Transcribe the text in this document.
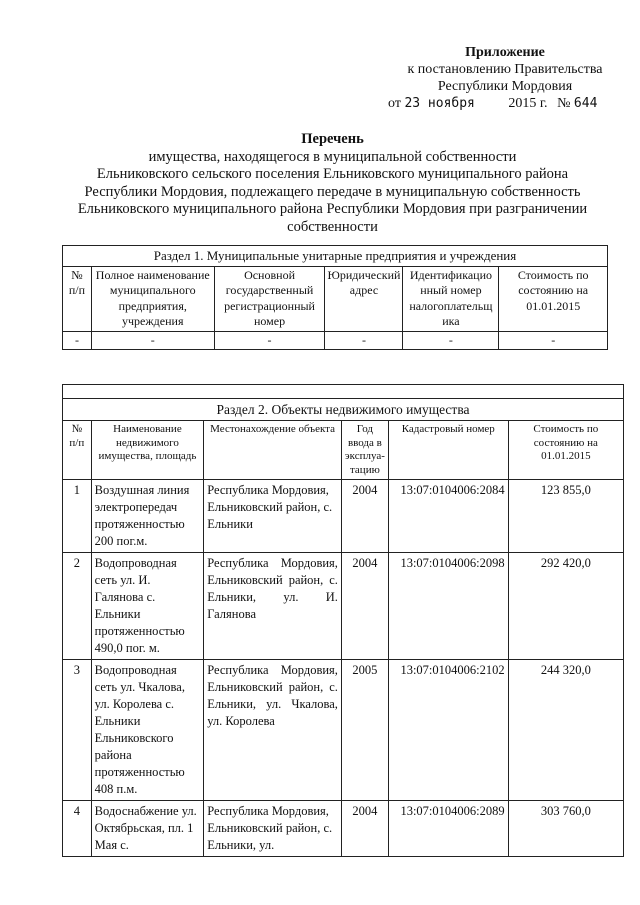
Приложение
к постановлению Правительства
Республики Мордовия
от 23 ноября 2015 г. № 644
Перечень
имущества, находящегося в муниципальной собственности
Ельниковского сельского поселения Ельниковского муниципального района
Республики Мордовия, подлежащего передаче в муниципальную собственность
Ельниковского муниципального района Республики Мордовия при разграничении
собственности
Раздел 1. Муниципальные унитарные предприятия и учреждения					
№ п/п	Полное наименование муниципального предприятия, учреждения	Основной государственный регистрационный номер	Юридический адрес	Идентификацио нный номер налогоплательщ ика	Стоимость по состоянию на 01.01.2015
-	-	-	-	-	-

Раздел 2. Объекты недвижимого имущества					
№ п/п	Наименование недвижимого имущества, площадь	Местонахождение объекта	Год ввода в эксплуа-тацию	Кадастровый номер	Стоимость по состоянию на 01.01.2015
1	Воздушная линия электропередач протяженностью 200 пог.м.	Республика Мордовия, Ельниковский район, с. Ельники	2004	13:07:0104006:2084	123 855,0
2	Водопроводная сеть ул. И. Галянова с. Ельники протяженностью 490,0 пог. м.	Республика Мордовия, Ельниковский район, с. Ельники, ул. И. Галянова	2004	13:07:0104006:2098	292 420,0
3	Водопроводная сеть ул. Чкалова, ул. Королева с. Ельники Ельниковского района протяженностью 408 п.м.	Республика Мордовия, Ельниковский район, с. Ельники, ул. Чкалова, ул. Королева	2005	13:07:0104006:2102	244 320,0
4	Водоснабжение ул. Октябрьская, пл. 1 Мая с.	Республика Мордовия, Ельниковский район, с. Ельники, ул.	2004	13:07:0104006:2089	303 760,0
